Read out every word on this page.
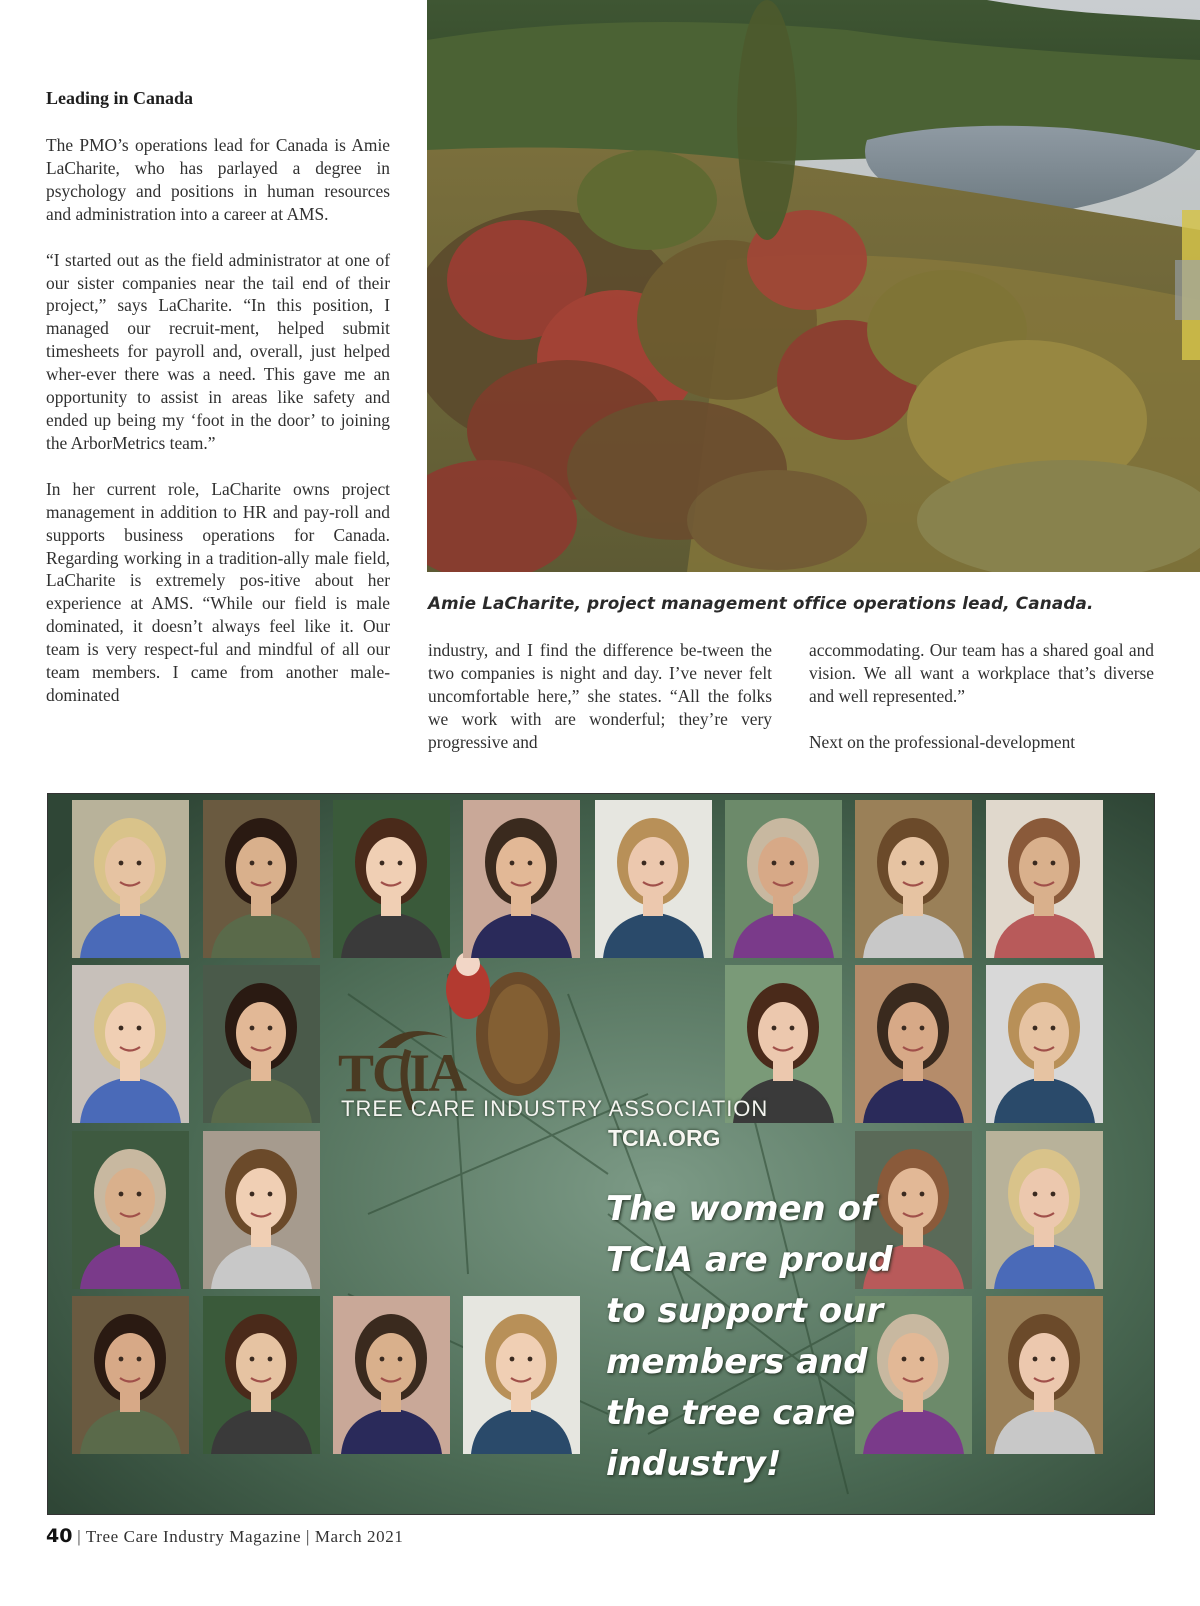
Leading in Canada

The PMO’s operations lead for Canada is Amie LaCharite, who has parlayed a degree in psychology and positions in human resources and administration into a career at AMS.

“I started out as the field administrator at one of our sister companies near the tail end of their project,” says LaCharite. “In this position, I managed our recruit-ment, helped submit timesheets for payroll and, overall, just helped wher-ever there was a need. This gave me an opportunity to assist in areas like safety and ended up being my ‘foot in the door’ to joining the ArborMetrics team.”

In her current role, LaCharite owns project management in addition to HR and pay-roll and supports business operations for Canada. Regarding working in a tradition-ally male field, LaCharite is extremely pos-itive about her experience at AMS. “While our field is male dominated, it doesn’t always feel like it. Our team is very respect-ful and mindful of all our team members. I came from another male-dominated

Amie LaCharite, project management office operations lead, Canada.

industry, and I find the difference be-tween the two companies is night and day. I’ve never felt uncomfortable here,” she states. “All the folks we work with are wonderful; they’re very progressive and

accommodating. Our team has a shared goal and vision. We all want a workplace that’s diverse and well represented.”

Next on the professional-development

TCIA
TREE CARE INDUSTRY ASSOCIATION
TCIA.ORG
The women of TCIA are proud to support our members and the tree care industry!
40 | Tree Care Industry Magazine | March 2021
